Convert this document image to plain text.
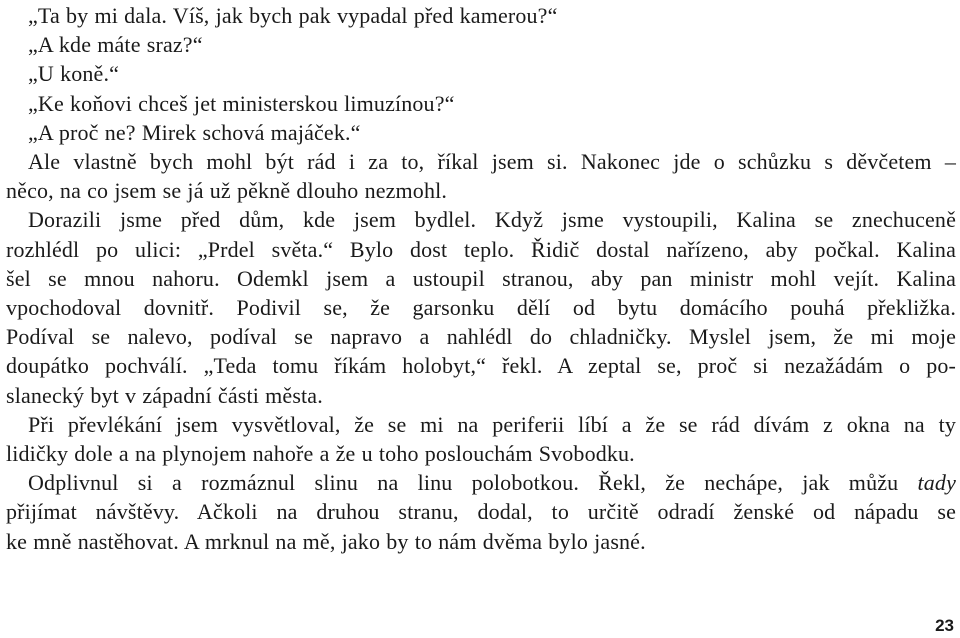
„Ta by mi dala. Víš, jak bych pak vypadal před kamerou?“
„A kde máte sraz?“
„U koně.“
„Ke koňovi chceš jet ministerskou limuzínou?“
„A proč ne? Mirek schová majáček.“
Ale vlastně bych mohl být rád i za to, říkal jsem si. Nakonec jde o schůzku s děvčetem –
něco, na co jsem se já už pěkně dlouho nezmohl.
Dorazili jsme před dům, kde jsem bydlel. Když jsme vystoupili, Kalina se znechuceně
rozhlédl po ulici: „Prdel světa.“ Bylo dost teplo. Řidič dostal nařízeno, aby počkal. Kalina
šel se mnou nahoru. Odemkl jsem a ustoupil stranou, aby pan ministr mohl vejít. Kalina
vpochodoval dovnitř. Podivil se, že garsonku dělí od bytu domácího pouhá překližka.
Podíval se nalevo, podíval se napravo a nahlédl do chladničky. Myslel jsem, že mi moje
doupátko pochválí. „Teda tomu říkám holobyt,“ řekl. A zeptal se, proč si nezažádám o po-
slanecký byt v západní části města.
Při převlékání jsem vysvětloval, že se mi na periferii líbí a že se rád dívám z okna na ty
lidičky dole a na plynojem nahoře a že u toho poslouchám Svobodku.
Odplivnul si a rozmáznul slinu na linu polobotkou. Řekl, že nechápe, jak můžu tady
přijímat návštěvy. Ačkoli na druhou stranu, dodal, to určitě odradí ženské od nápadu se
ke mně nastěhovat. A mrknul na mě, jako by to nám dvěma bylo jasné.
23
